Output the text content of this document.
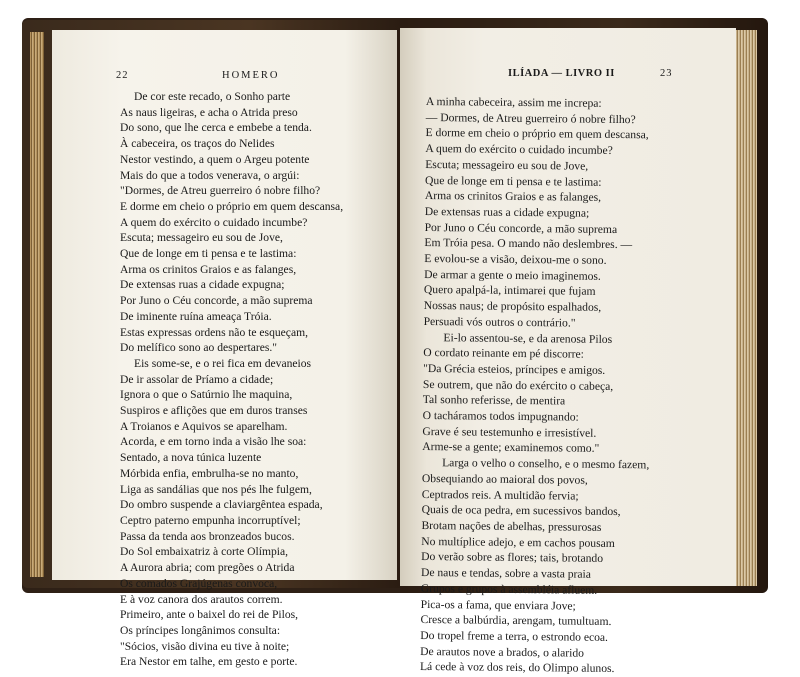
22	HOMERO
De cor este recado, o Sonho parte
As naus ligeiras, e acha o Atrida preso
Do sono, que lhe cerca e embebe a tenda.
À cabeceira, os traços do Nelides
Nestor vestindo, a quem o Argeu potente
Mais do que a todos venerava, o argúi:
"Dormes, de Atreu guerreiro ó nobre filho?
E dorme em cheio o próprio em quem descansa,
A quem do exército o cuidado incumbe?
Escuta; messageiro eu sou de Jove,
Que de longe em ti pensa e te lastima:
Arma os crinitos Graios e as falanges,
De extensas ruas a cidade expugna;
Por Juno o Céu concorde, a mão suprema
De iminente ruína ameaça Tróia.
Estas expressas ordens não te esqueçam,
Do melífico sono ao despertares."
Eis some-se, e o rei fica em devaneios
De ir assolar de Príamo a cidade;
Ignora o que o Satúrnio lhe maquina,
Suspiros e aflições que em duros transes
A Troianos e Aquivos se aparelham.
Acorda, e em torno inda a visão lhe soa:
Sentado, a nova túnica luzente
Mórbida enfia, embrulha-se no manto,
Liga as sandálias que nos pés lhe fulgem,
Do ombro suspende a claviargêntea espada,
Ceptro paterno empunha incorruptível;
Passa da tenda aos bronzeados bucos.
Do Sol embaixatriz à corte Olímpia,
A Aurora abria; com pregões o Atrida
Os comados Grajúgenas convoca,
E à voz canora dos arautos correm.
Primeiro, ante o baixel do rei de Pilos,
Os príncipes longânimos consulta:
"Sócios, visão divina eu tive à noite;
Era Nestor em talhe, em gesto e porte.
ILÍADA — LIVRO II	23
A minha cabeceira, assim me increpa:
— Dormes, de Atreu guerreiro ó nobre filho?
E dorme em cheio o próprio em quem descansa,
A quem do exército o cuidado incumbe?
Escuta; messageiro eu sou de Jove,
Que de longe em ti pensa e te lastima:
Arma os crinitos Graios e as falanges,
De extensas ruas a cidade expugna;
Por Juno o Céu concorde, a mão suprema
Em Tróia pesa. O mando não deslembres. —
E evolou-se a visão, deixou-me o sono.
De armar a gente o meio imaginemos.
Quero apalpá-la, intimarei que fujam
Nossas naus; de propósito espalhados,
Persuadi vós outros o contrário."
Ei-lo assentou-se, e da arenosa Pilos
O cordato reinante em pé discorre:
"Da Grécia esteios, príncipes e amigos.
Se outrem, que não do exército o cabeça,
Tal sonho referisse, de mentira
O tacháramos todos impugnando:
Grave é seu testemunho e irresistível.
Arme-se a gente; examinemos como."
Larga o velho o conselho, e o mesmo fazem,
Obsequiando ao maioral dos povos,
Ceptrados reis. A multidão fervia;
Quais de oca pedra, em sucessivos bandos,
Brotam nações de abelhas, pressurosas
No multíplice adejo, e em cachos pousam
Do verão sobre as flores; tais, brotando
De naus e tendas, sobre a vasta praia
Grupos e grupos à assembléia afluem.
Pica-os a fama, que enviara Jove;
Cresce a balbúrdia, arengam, tumultuam.
Do tropel freme a terra, o estrondo ecoa.
De arautos nove a brados, o alarido
Lá cede à voz dos reis, do Olimpo alunos.
